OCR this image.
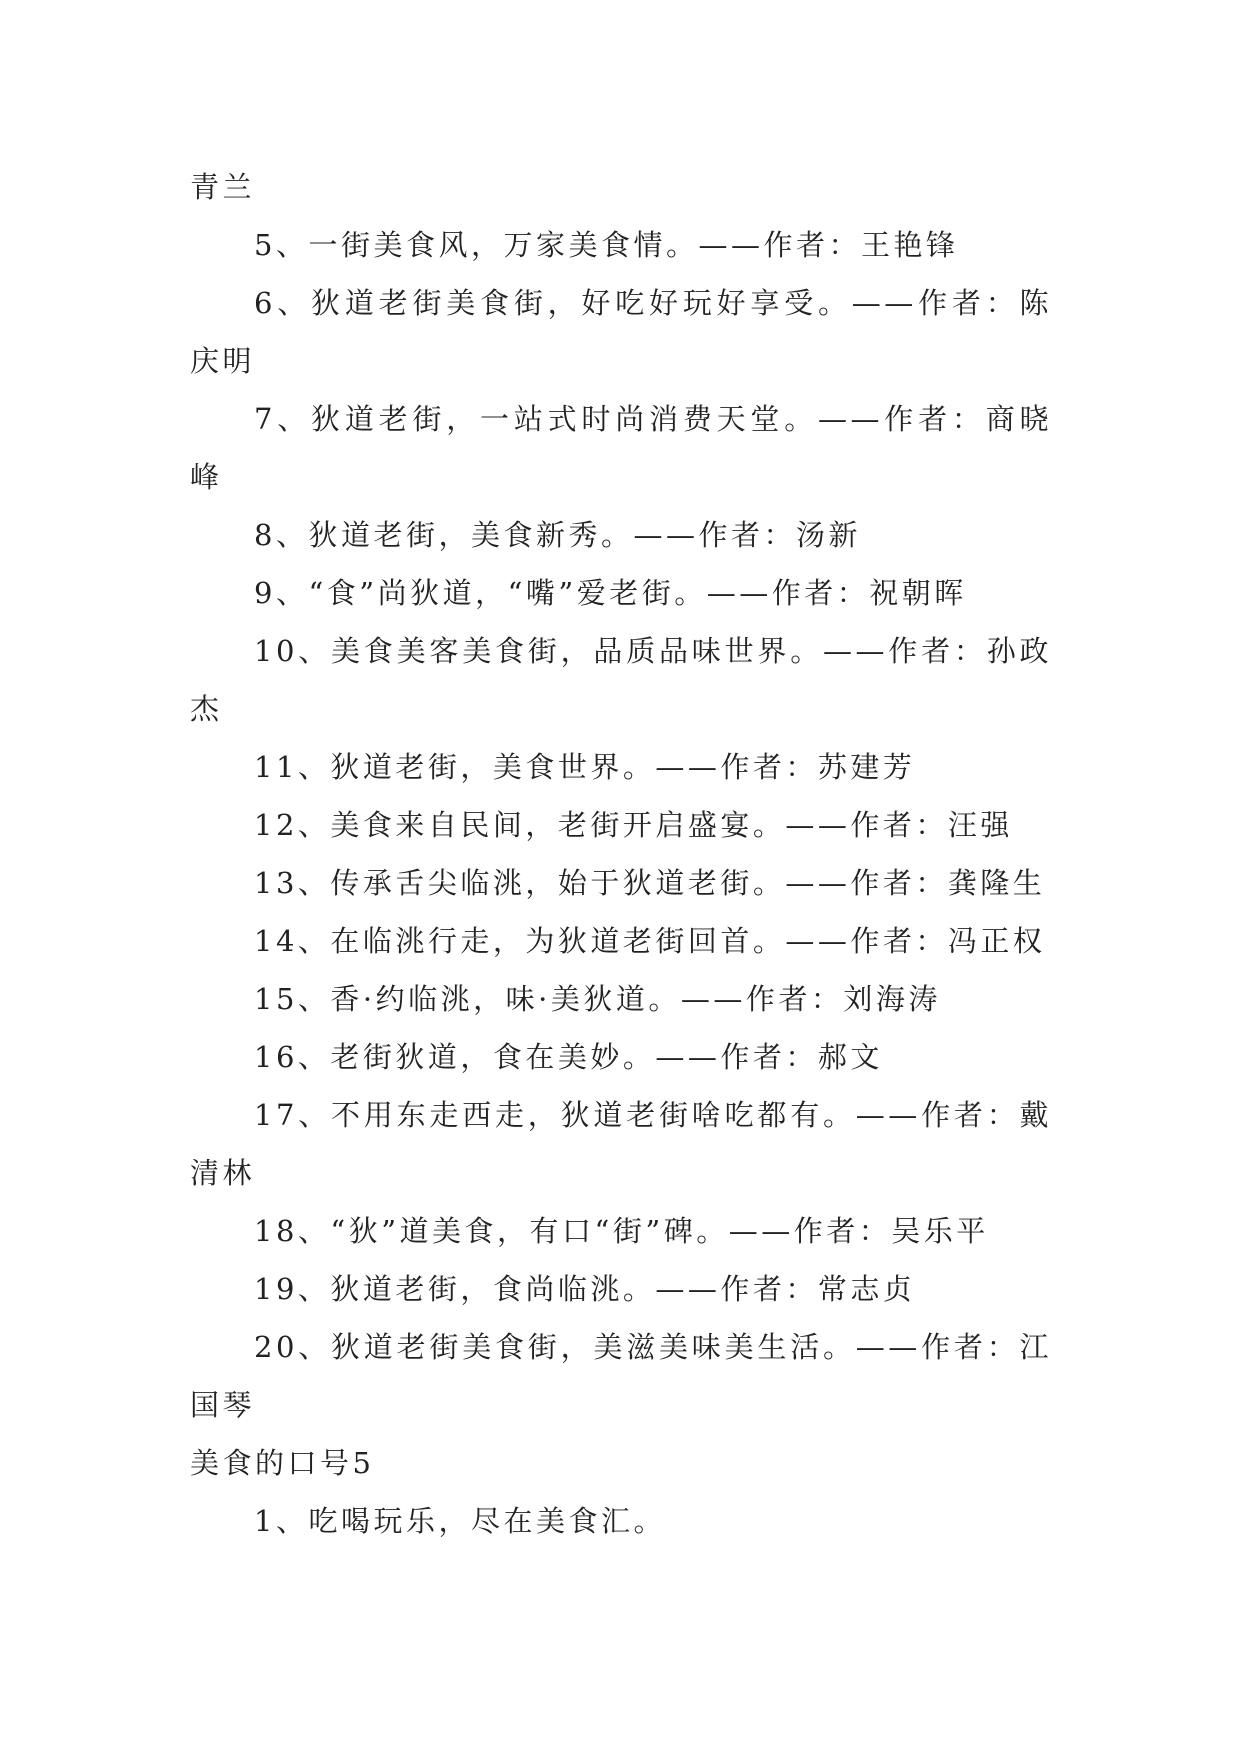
青兰

5、一街美食风，万家美食情。——作者：王艳锋

6、狄道老街美食街，好吃好玩好享受。——作者：陈庆明

7、狄道老街，一站式时尚消费天堂。——作者：商晓峰

8、狄道老街，美食新秀。——作者：汤新

9、“食”尚狄道，“嘴”爱老街。——作者：祝朝晖

10、美食美客美食街，品质品味世界。——作者：孙政杰

11、狄道老街，美食世界。——作者：苏建芳

12、美食来自民间，老街开启盛宴。——作者：汪强

13、传承舌尖临洮，始于狄道老街。——作者：龚隆生

14、在临洮行走，为狄道老街回首。——作者：冯正权

15、香·约临洮，味·美狄道。——作者：刘海涛

16、老街狄道，食在美妙。——作者：郝文

17、不用东走西走，狄道老街啥吃都有。——作者：戴清林

18、“狄”道美食，有口“街”碑。——作者：吴乐平

19、狄道老街，食尚临洮。——作者：常志贞

20、狄道老街美食街，美滋美味美生活。——作者：江国琴

美食的口号5

1、吃喝玩乐，尽在美食汇。
